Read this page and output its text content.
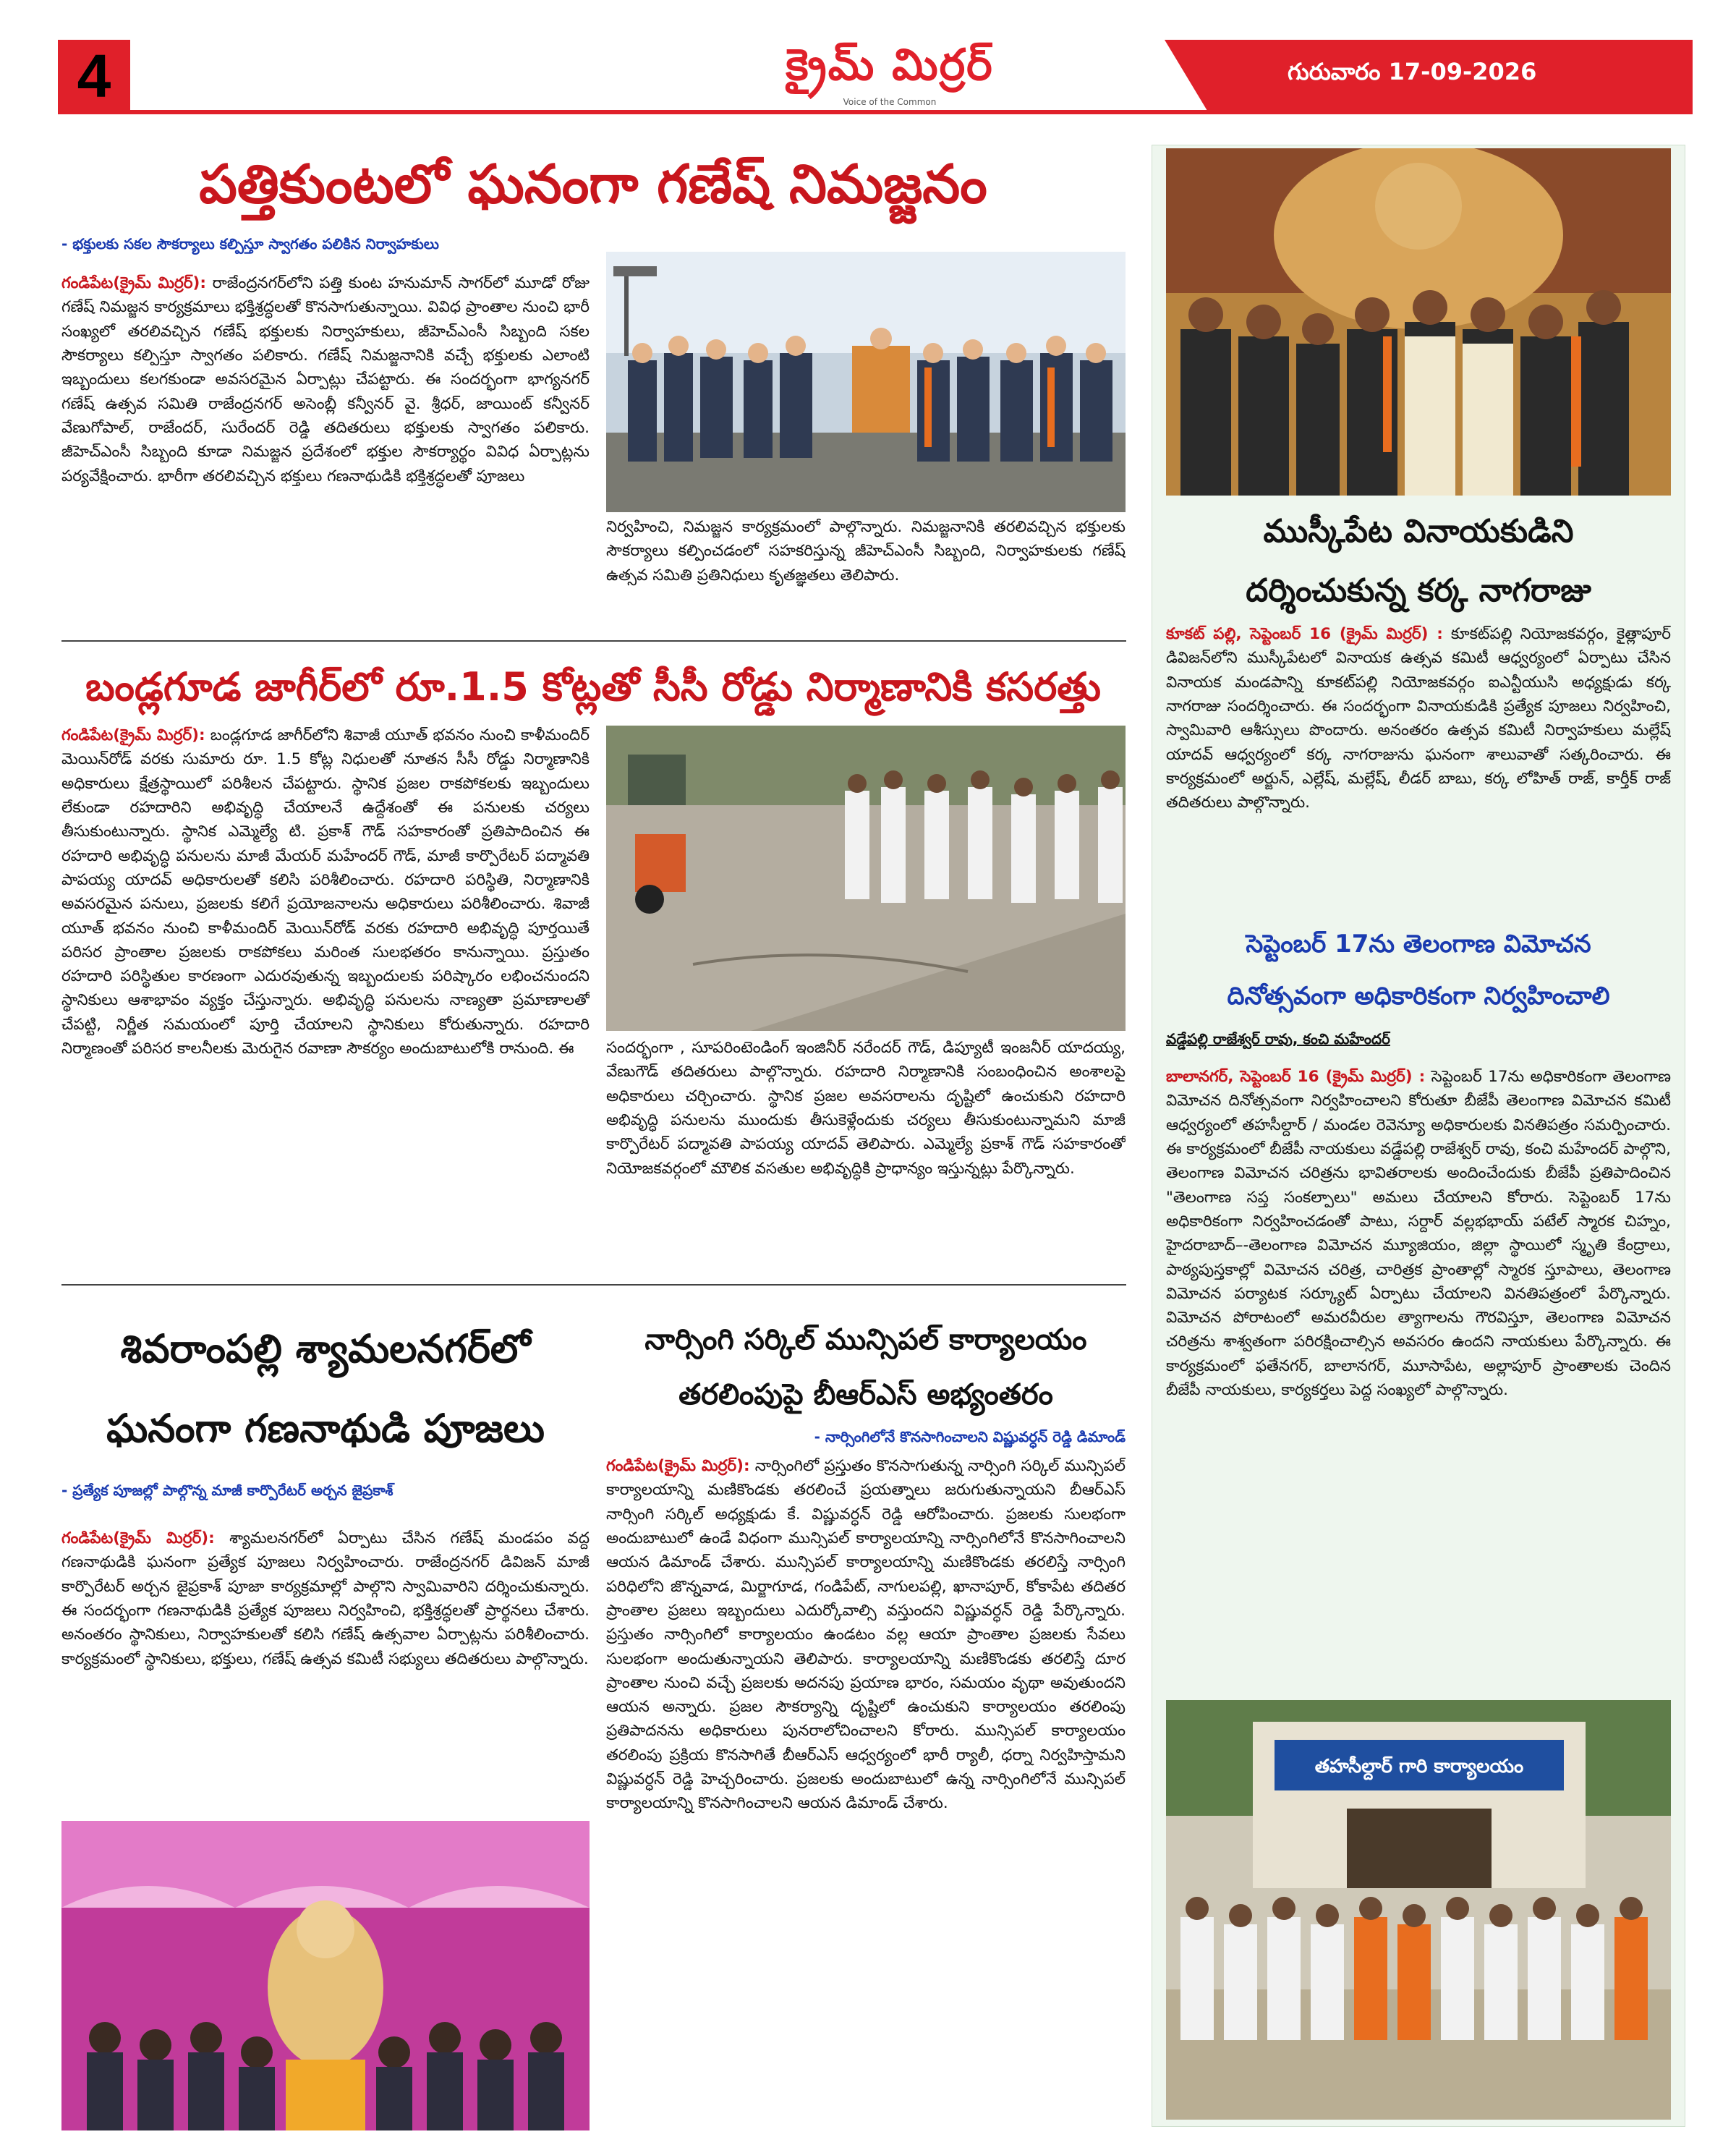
4	క్రైమ్ మిర్రర్
Voice of the Common
గురువారం 17-09-2026
పత్తికుంటలో ఘనంగా గణేష్ నిమజ్జనం
- భక్తులకు సకల సౌకర్యాలు కల్పిస్తూ స్వాగతం పలికిన నిర్వాహకులు
గండిపేట(క్రైమ్ మిర్రర్): రాజేంద్రనగర్‌లోని పత్తి కుంట హనుమాన్ సాగర్‌లో మూడో రోజు గణేష్ నిమజ్జన కార్యక్రమాలు భక్తిశ్రద్ధలతో కొనసాగుతున్నాయి. వివిధ ప్రాంతాల నుంచి భారీ సంఖ్యలో తరలివచ్చిన గణేష్ భక్తులకు నిర్వాహకులు, జీహెచ్ఎంసీ సిబ్బంది సకల సౌకర్యాలు కల్పిస్తూ స్వాగతం పలికారు. గణేష్ నిమజ్జనానికి వచ్చే భక్తులకు ఎలాంటి ఇబ్బందులు కలగకుండా అవసరమైన ఏర్పాట్లు చేపట్టారు. ఈ సందర్భంగా భాగ్యనగర్ గణేష్ ఉత్సవ సమితి రాజేంద్రనగర్ అసెంబ్లీ కన్వీనర్ వై. శ్రీధర్, జాయింట్ కన్వీనర్ వేణుగోపాల్, రాజేందర్, సురేందర్ రెడ్డి తదితరులు భక్తులకు స్వాగతం పలికారు. జీహెచ్ఎంసీ సిబ్బంది కూడా నిమజ్జన ప్రదేశంలో భక్తుల సౌకర్యార్థం వివిధ ఏర్పాట్లను పర్యవేక్షించారు. భారీగా తరలివచ్చిన భక్తులు గణనాథుడికి భక్తిశ్రద్ధలతో పూజలు
నిర్వహించి, నిమజ్జన కార్యక్రమంలో పాల్గొన్నారు. నిమజ్జనానికి తరలివచ్చిన భక్తులకు సౌకర్యాలు కల్పించడంలో సహకరిస్తున్న జీహెచ్ఎంసీ సిబ్బంది, నిర్వాహకులకు గణేష్ ఉత్సవ సమితి ప్రతినిధులు కృతజ్ఞతలు తెలిపారు.
బండ్లగూడ జాగీర్‌లో రూ.1.5 కోట్లతో సీసీ రోడ్డు నిర్మాణానికి కసరత్తు
గండిపేట(క్రైమ్ మిర్రర్): బండ్లగూడ జాగీర్‌లోని శివాజీ యూత్ భవనం నుంచి కాళీమందిర్ మెయిన్‌రోడ్ వరకు సుమారు రూ. 1.5 కోట్ల నిధులతో నూతన సీసీ రోడ్డు నిర్మాణానికి అధికారులు క్షేత్రస్థాయిలో పరిశీలన చేపట్టారు. స్థానిక ప్రజల రాకపోకలకు ఇబ్బందులు లేకుండా రహదారిని అభివృద్ధి చేయాలనే ఉద్దేశంతో ఈ పనులకు చర్యలు తీసుకుంటున్నారు. స్థానిక ఎమ్మెల్యే టి. ప్రకాశ్ గౌడ్ సహకారంతో ప్రతిపాదించిన ఈ రహదారి అభివృద్ధి పనులను మాజీ మేయర్ మహేందర్ గౌడ్, మాజీ కార్పొరేటర్ పద్మావతి పాపయ్య యాదవ్ అధికారులతో కలిసి పరిశీలించారు. రహదారి పరిస్థితి, నిర్మాణానికి అవసరమైన పనులు, ప్రజలకు కలిగే ప్రయోజనాలను అధికారులు పరిశీలించారు. శివాజీ యూత్ భవనం నుంచి కాళీమందిర్ మెయిన్‌రోడ్ వరకు రహదారి అభివృద్ధి పూర్తయితే పరిసర ప్రాంతాల ప్రజలకు రాకపోకలు మరింత సులభతరం కానున్నాయి. ప్రస్తుతం రహదారి పరిస్థితుల కారణంగా ఎదురవుతున్న ఇబ్బందులకు పరిష్కారం లభించనుందని స్థానికులు ఆశాభావం వ్యక్తం చేస్తున్నారు. అభివృద్ధి పనులను నాణ్యతా ప్రమాణాలతో చేపట్టి, నిర్ణీత సమయంలో పూర్తి చేయాలని స్థానికులు కోరుతున్నారు. రహదారి నిర్మాణంతో పరిసర కాలనీలకు మెరుగైన రవాణా సౌకర్యం అందుబాటులోకి రానుంది. ఈ	సందర్భంగా , సూపరింటెండింగ్ ఇంజినీర్ నరేందర్ గౌడ్, డిప్యూటీ ఇంజనీర్ యాదయ్య, వేణుగౌడ్ తదితరులు పాల్గొన్నారు. రహదారి నిర్మాణానికి సంబంధించిన అంశాలపై అధికారులు చర్చించారు. స్థానిక ప్రజల అవసరాలను దృష్టిలో ఉంచుకుని రహదారి అభివృద్ధి పనులను ముందుకు తీసుకెళ్లేందుకు చర్యలు తీసుకుంటున్నామని మాజీ కార్పొరేటర్ పద్మావతి పాపయ్య యాదవ్ తెలిపారు. ఎమ్మెల్యే ప్రకాశ్ గౌడ్ సహకారంతో నియోజకవర్గంలో మౌలిక వసతుల అభివృద్ధికి ప్రాధాన్యం ఇస్తున్నట్లు పేర్కొన్నారు.
శివరాంపల్లి శ్యామలనగర్‌లో
ఘనంగా గణనాథుడి పూజలు
- ప్రత్యేక పూజల్లో పాల్గొన్న మాజీ కార్పొరేటర్ అర్చన జైప్రకాశ్
గండిపేట(క్రైమ్ మిర్రర్): శ్యామలనగర్‌లో ఏర్పాటు చేసిన గణేష్ మండపం వద్ద గణనాథుడికి ఘనంగా ప్రత్యేక పూజలు నిర్వహించారు. రాజేంద్రనగర్ డివిజన్ మాజీ కార్పొరేటర్ అర్చన జైప్రకాశ్ పూజా కార్యక్రమాల్లో పాల్గొని స్వామివారిని దర్శించుకున్నారు. ఈ సందర్భంగా గణనాథుడికి ప్రత్యేక పూజలు నిర్వహించి, భక్తిశ్రద్ధలతో ప్రార్థనలు చేశారు. అనంతరం స్థానికులు, నిర్వాహకులతో కలిసి గణేష్ ఉత్సవాల ఏర్పాట్లను పరిశీలించారు. కార్యక్రమంలో స్థానికులు, భక్తులు, గణేష్ ఉత్సవ కమిటీ సభ్యులు తదితరులు పాల్గొన్నారు.
నార్సింగి సర్కిల్ మున్సిపల్ కార్యాలయం
తరలింపుపై బీఆర్ఎస్ అభ్యంతరం
- నార్సింగిలోనే కొనసాగించాలని విష్ణువర్ధన్ రెడ్డి డిమాండ్
గండిపేట(క్రైమ్ మిర్రర్): నార్సింగిలో ప్రస్తుతం కొనసాగుతున్న నార్సింగి సర్కిల్ మున్సిపల్ కార్యాలయాన్ని మణికొండకు తరలించే ప్రయత్నాలు జరుగుతున్నాయని బీఆర్ఎస్ నార్సింగి సర్కిల్ అధ్యక్షుడు కే. విష్ణువర్ధన్ రెడ్డి ఆరోపించారు. ప్రజలకు సులభంగా అందుబాటులో ఉండే విధంగా మున్సిపల్ కార్యాలయాన్ని నార్సింగిలోనే కొనసాగించాలని ఆయన డిమాండ్ చేశారు. మున్సిపల్ కార్యాలయాన్ని మణికొండకు తరలిస్తే నార్సింగి పరిధిలోని జొన్నవాడ, మిర్జాగూడ, గండిపేట్, నాగులపల్లి, ఖానాపూర్, కోకాపేట తదితర ప్రాంతాల ప్రజలు ఇబ్బందులు ఎదుర్కోవాల్సి వస్తుందని విష్ణువర్ధన్ రెడ్డి పేర్కొన్నారు. ప్రస్తుతం నార్సింగిలో కార్యాలయం ఉండటం వల్ల ఆయా ప్రాంతాల ప్రజలకు సేవలు సులభంగా అందుతున్నాయని తెలిపారు. కార్యాలయాన్ని మణికొండకు తరలిస్తే దూర ప్రాంతాల నుంచి వచ్చే ప్రజలకు అదనపు ప్రయాణ భారం, సమయం వృథా అవుతుందని ఆయన అన్నారు. ప్రజల సౌకర్యాన్ని దృష్టిలో ఉంచుకుని కార్యాలయం తరలింపు ప్రతిపాదనను అధికారులు పునరాలోచించాలని కోరారు. మున్సిపల్ కార్యాలయం తరలింపు ప్రక్రియ కొనసాగితే బీఆర్ఎస్ ఆధ్వర్యంలో భారీ ర్యాలీ, ధర్నా నిర్వహిస్తామని విష్ణువర్ధన్ రెడ్డి హెచ్చరించారు. ప్రజలకు అందుబాటులో ఉన్న నార్సింగిలోనే మున్సిపల్ కార్యాలయాన్ని కొనసాగించాలని ఆయన డిమాండ్ చేశారు.
ముస్కీపేట వినాయకుడిని
దర్శించుకున్న కర్క నాగరాజు
కూకట్ పల్లి, సెప్టెంబర్ 16 (క్రైమ్ మిర్రర్) : కూకట్‌పల్లి నియోజకవర్గం, కైత్లాపూర్ డివిజన్‌లోని ముస్కీపేటలో వినాయక ఉత్సవ కమిటీ ఆధ్వర్యంలో ఏర్పాటు చేసిన వినాయక మండపాన్ని కూకట్‌పల్లి నియోజకవర్గం ఐఎన్టీయుసి అధ్యక్షుడు కర్క నాగరాజు సందర్శించారు. ఈ సందర్భంగా వినాయకుడికి ప్రత్యేక పూజలు నిర్వహించి, స్వామివారి ఆశీస్సులు పొందారు. అనంతరం ఉత్సవ కమిటీ నిర్వాహకులు మల్లేష్ యాదవ్ ఆధ్వర్యంలో కర్క నాగరాజును ఘనంగా శాలువాతో సత్కరించారు. ఈ కార్యక్రమంలో అర్జున్, ఎల్లేష్, మల్లేష్, లీడర్ బాబు, కర్క లోహిత్ రాజ్, కార్తీక్ రాజ్ తదితరులు పాల్గొన్నారు.
సెప్టెంబర్ 17ను తెలంగాణ విమోచన
దినోత్సవంగా అధికారికంగా నిర్వహించాలి
వడ్డేపల్లి రాజేశ్వర్ రావు, కంచి మహేందర్
బాలానగర్, సెప్టెంబర్ 16 (క్రైమ్ మిర్రర్) : సెప్టెంబర్ 17ను అధికారికంగా తెలంగాణ విమోచన దినోత్సవంగా నిర్వహించాలని కోరుతూ బీజేపీ తెలంగాణ విమోచన కమిటీ ఆధ్వర్యంలో తహసీల్దార్ / మండల రెవెన్యూ అధికారులకు వినతిపత్రం సమర్పించారు. ఈ కార్యక్రమంలో బీజేపీ నాయకులు వడ్డేపల్లి రాజేశ్వర్ రావు, కంచి మహేందర్ పాల్గొని, తెలంగాణ విమోచన చరిత్రను భావితరాలకు అందించేందుకు బీజేపీ ప్రతిపాదించిన "తెలంగాణ సప్త సంకల్పాలు" అమలు చేయాలని కోరారు. సెప్టెంబర్ 17ను అధికారికంగా నిర్వహించడంతో పాటు, సర్దార్ వల్లభభాయ్ పటేల్ స్మారక చిహ్నం, హైదరాబాద్–-తెలంగాణ విమోచన మ్యూజియం, జిల్లా స్థాయిలో స్మృతి కేంద్రాలు, పాఠ్యపుస్తకాల్లో విమోచన చరిత్ర, చారిత్రక ప్రాంతాల్లో స్మారక స్తూపాలు, తెలంగాణ విమోచన పర్యాటక సర్క్యూట్ ఏర్పాటు చేయాలని వినతిపత్రంలో పేర్కొన్నారు. విమోచన పోరాటంలో అమరవీరుల త్యాగాలను గౌరవిస్తూ, తెలంగాణ విమోచన చరిత్రను శాశ్వతంగా పరిరక్షించాల్సిన అవసరం ఉందని నాయకులు పేర్కొన్నారు. ఈ కార్యక్రమంలో ఫతేనగర్, బాలానగర్, మూసాపేట, అల్లాపూర్ ప్రాంతాలకు చెందిన బీజేపీ నాయకులు, కార్యకర్తలు పెద్ద సంఖ్యలో పాల్గొన్నారు.
తహసీల్దార్ గారి కార్యాలయం
